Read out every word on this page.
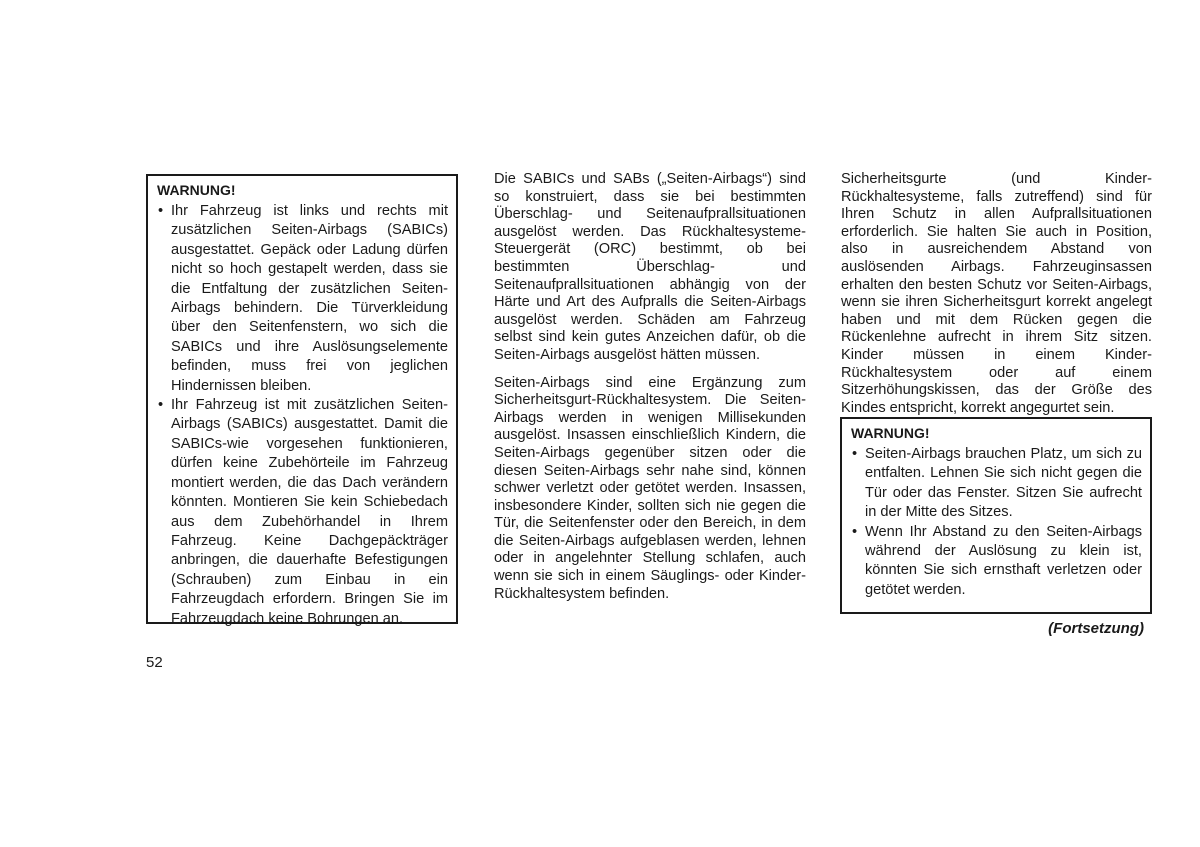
WARNUNG!
• Ihr Fahrzeug ist links und rechts mit zusätzlichen Seiten-Airbags (SABICs) ausgestattet. Gepäck oder Ladung dürfen nicht so hoch gestapelt werden, dass sie die Entfaltung der zusätzlichen Seiten-Airbags behindern. Die Türverkleidung über den Seitenfenstern, wo sich die SABICs und ihre Auslösungselemente befinden, muss frei von jeglichen Hindernissen bleiben.
• Ihr Fahrzeug ist mit zusätzlichen Seiten-Airbags (SABICs) ausgestattet. Damit die SABICs-wie vorgesehen funktionieren, dürfen keine Zubehörteile im Fahrzeug montiert werden, die das Dach verändern könnten. Montieren Sie kein Schiebedach aus dem Zubehörhandel in Ihrem Fahrzeug. Keine Dachgepäckträger anbringen, die dauerhafte Befestigungen (Schrauben) zum Einbau in ein Fahrzeugdach erfordern. Bringen Sie im Fahrzeugdach keine Bohrungen an.

Die SABICs und SABs („Seiten-Airbags“) sind so konstruiert, dass sie bei bestimmten Überschlag- und Seitenaufprallsituationen ausgelöst werden. Das Rückhaltesysteme-Steuergerät (ORC) bestimmt, ob bei bestimmten Überschlag- und Seitenaufprallsituationen abhängig von der Härte und Art des Aufpralls die Seiten-Airbags ausgelöst werden. Schäden am Fahrzeug selbst sind kein gutes Anzeichen dafür, ob die Seiten-Airbags ausgelöst hätten müssen.

Seiten-Airbags sind eine Ergänzung zum Sicherheitsgurt-Rückhaltesystem. Die Seiten-Airbags werden in wenigen Millisekunden ausgelöst. Insassen einschließlich Kindern, die Seiten-Airbags gegenüber sitzen oder die diesen Seiten-Airbags sehr nahe sind, können schwer verletzt oder getötet werden. Insassen, insbesondere Kinder, sollten sich nie gegen die Tür, die Seitenfenster oder den Bereich, in dem die Seiten-Airbags aufgeblasen werden, lehnen oder in angelehnter Stellung schlafen, auch wenn sie sich in einem Säuglings- oder Kinder-Rückhaltesystem befinden.

Sicherheitsgurte (und Kinder-Rückhaltesysteme, falls zutreffend) sind für Ihren Schutz in allen Aufprallsituationen erforderlich. Sie halten Sie auch in Position, also in ausreichendem Abstand von auslösenden Airbags. Fahrzeuginsassen erhalten den besten Schutz vor Seiten-Airbags, wenn sie ihren Sicherheitsgurt korrekt angelegt haben und mit dem Rücken gegen die Rückenlehne aufrecht in ihrem Sitz sitzen. Kinder müssen in einem Kinder-Rückhaltesystem oder auf einem Sitzerhöhungskissen, das der Größe des Kindes entspricht, korrekt angegurtet sein.

WARNUNG!
• Seiten-Airbags brauchen Platz, um sich zu entfalten. Lehnen Sie sich nicht gegen die Tür oder das Fenster. Sitzen Sie aufrecht in der Mitte des Sitzes.
• Wenn Ihr Abstand zu den Seiten-Airbags während der Auslösung zu klein ist, könnten Sie sich ernsthaft verletzen oder getötet werden.
(Fortsetzung)
52
